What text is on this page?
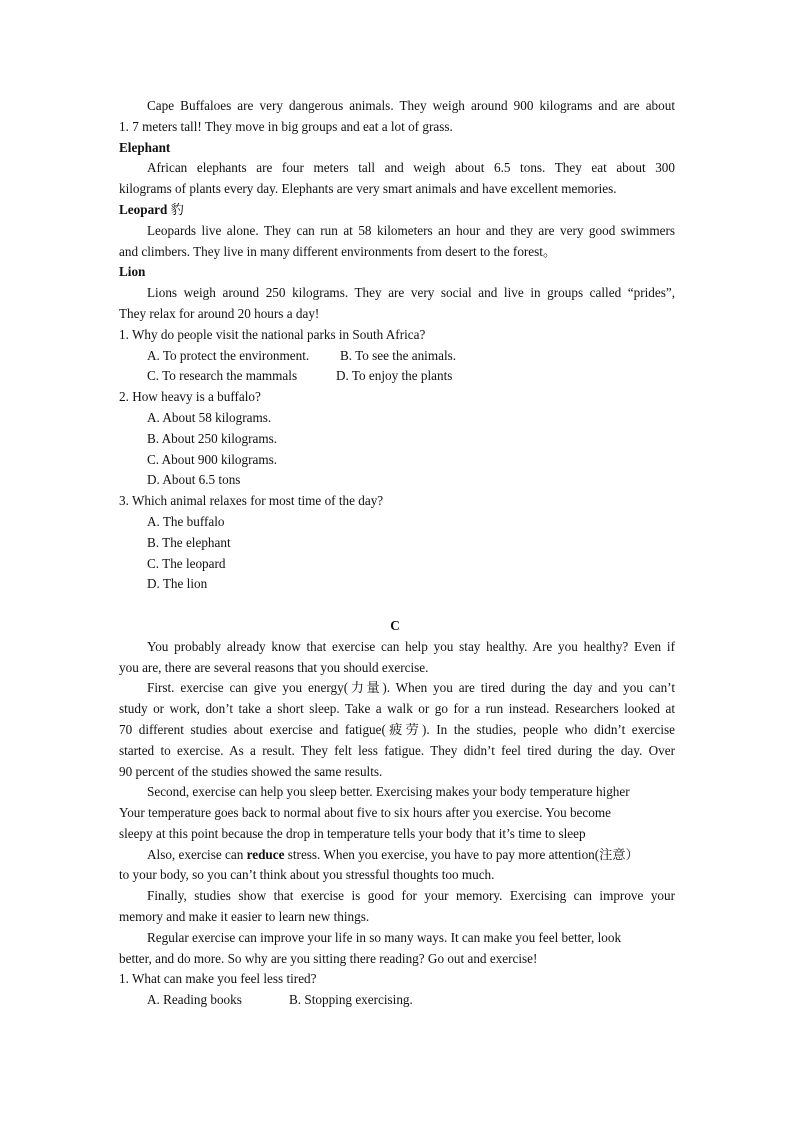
Cape Buffaloes are very dangerous animals. They weigh around 900 kilograms and are about
1. 7 meters tall! They move in big groups and eat a lot of grass.
Elephant
African elephants are four meters tall and weigh about 6.5 tons. They eat about 300
kilograms of plants every day. Elephants are very smart animals and have excellent memories.
Leopard 豹
Leopards live alone. They can run at 58 kilometers an hour and they are very good swimmers
and climbers. They live in many different environments from desert to the forest。
Lion
Lions weigh around 250 kilograms. They are very social and live in groups called “prides”,
They relax for around 20 hours a day!
1. Why do people visit the national parks in South Africa?
A. To protect the environment.	B. To see the animals.
C. To research the mammals	D. To enjoy the plants
2. How heavy is a buffalo?
A. About 58 kilograms.
B. About 250 kilograms.
C. About 900 kilograms.
D. About 6.5 tons
3. Which animal relaxes for most time of the day?
A. The buffalo
B. The elephant
C. The leopard
D. The lion
C
You probably already know that exercise can help you stay healthy. Are you healthy? Even if
you are, there are several reasons that you should exercise.
First. exercise can give you energy(力量). When you are tired during the day and you can’t
study or work, don’t take a short sleep. Take a walk or go for a run instead. Researchers looked at
70 different studies about exercise and fatigue(疲劳). In the studies, people who didn’t exercise
started to exercise. As a result. They felt less fatigue. They didn’t feel tired during the day. Over
90 percent of the studies showed the same results.
Second, exercise can help you sleep better. Exercising makes your body temperature higher
Your temperature goes back to normal about five to six hours after you exercise. You become
sleepy at this point because the drop in temperature tells your body that it’s time to sleep
Also, exercise can reduce stress. When you exercise, you have to pay more attention(注意）
to your body, so you can’t think about you stressful thoughts too much.
Finally, studies show that exercise is good for your memory. Exercising can improve your
memory and make it easier to learn new things.
Regular exercise can improve your life in so many ways. It can make you feel better, look
better, and do more. So why are you sitting there reading? Go out and exercise!
1. What can make you feel less tired?
A. Reading books	B. Stopping exercising.
